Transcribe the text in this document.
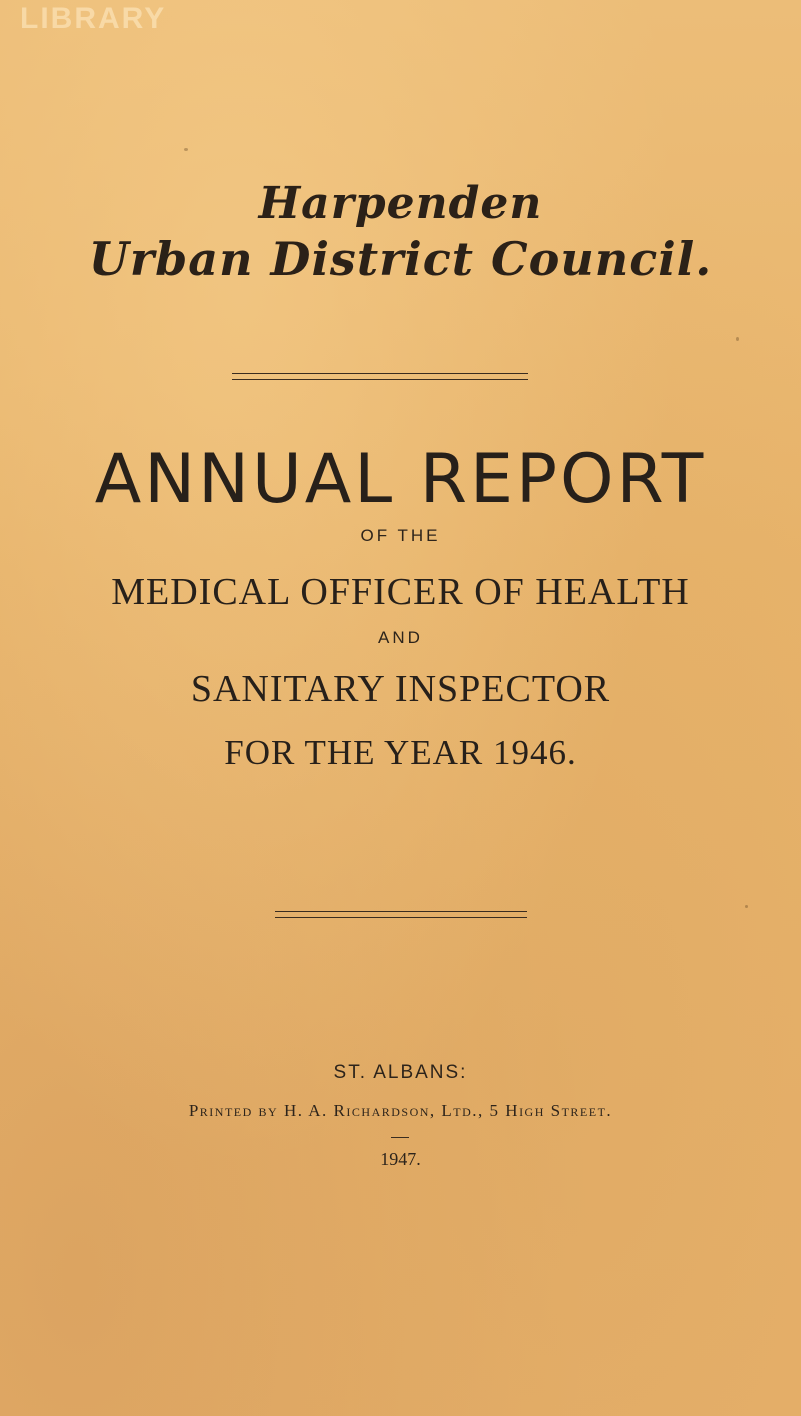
LIBRARY
Harpenden
Urban District Council.
ANNUAL REPORT
OF THE
MEDICAL OFFICER OF HEALTH
AND
SANITARY INSPECTOR
FOR THE YEAR 1946.
ST. ALBANS:
Printed by H. A. Richardson, Ltd., 5 High Street.
1947.
